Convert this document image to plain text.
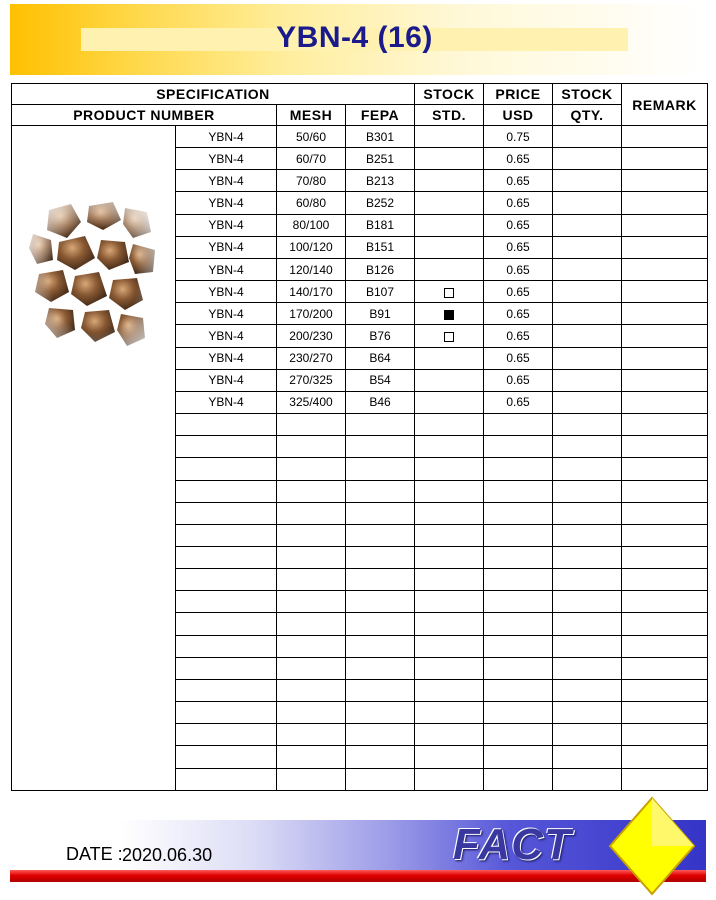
YBN-4 (16)
SPECIFICATION				STOCK	PRICE	STOCK	REMARK
PRODUCT NUMBER		MESH	FEPA	STD.	USD	QTY.	

	YBN-4	50/60	B301		0.75		
	YBN-4	60/70	B251		0.65		
	YBN-4	70/80	B213		0.65		
	YBN-4	60/80	B252		0.65		
	YBN-4	80/100	B181		0.65		
	YBN-4	100/120	B151		0.65		
	YBN-4	120/140	B126		0.65		
	YBN-4	140/170	B107		0.65		
	YBN-4	170/200	B91		0.65		
	YBN-4	200/230	B76		0.65		
	YBN-4	230/270	B64		0.65		
	YBN-4	270/325	B54		0.65		
	YBN-4	325/400	B46		0.65		

DATE : 2020.06.30	FACT
